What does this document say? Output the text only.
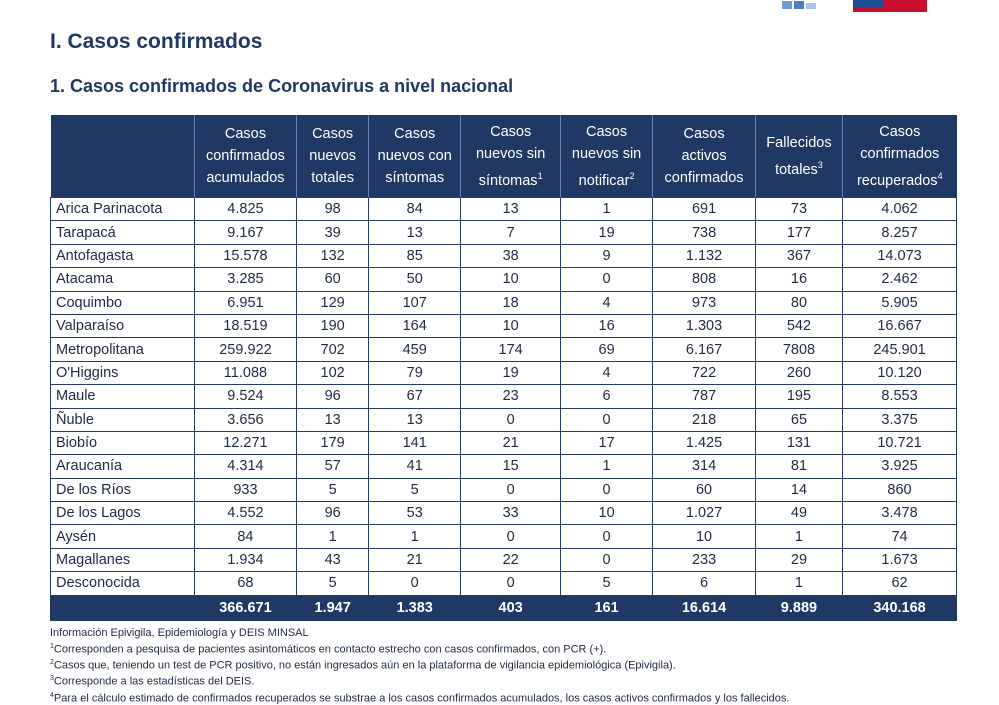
I. Casos confirmados
1. Casos confirmados de Coronavirus a nivel nacional
	Casos
confirmados
acumulados	Casos
nuevos
totales	Casos
nuevos con
síntomas	Casos
nuevos sin
síntomas$^1$	Casos
nuevos sin
notificar$^2$	Casos
activos
confirmados	Fallecidos
totales$^3$	Casos
confirmados
recuperados$^4$
Arica Parinacota	4.825	98	84	13	1	691	73	4.062
Tarapacá	9.167	39	13	7	19	738	177	8.257
Antofagasta	15.578	132	85	38	9	1.132	367	14.073
Atacama	3.285	60	50	10	0	808	16	2.462
Coquimbo	6.951	129	107	18	4	973	80	5.905
Valparaíso	18.519	190	164	10	16	1.303	542	16.667
Metropolitana	259.922	702	459	174	69	6.167	7808	245.901
O'Higgins	11.088	102	79	19	4	722	260	10.120
Maule	9.524	96	67	23	6	787	195	8.553
Ñuble	3.656	13	13	0	0	218	65	3.375
Biobío	12.271	179	141	21	17	1.425	131	10.721
Araucanía	4.314	57	41	15	1	314	81	3.925
De los Ríos	933	5	5	0	0	60	14	860
De los Lagos	4.552	96	53	33	10	1.027	49	3.478
Aysén	84	1	1	0	0	10	1	74
Magallanes	1.934	43	21	22	0	233	29	1.673
Desconocida	68	5	0	0	5	6	1	62
	366.671	1.947	1.383	403	161	16.614	9.889	340.168
Información Epivigila, Epidemiología y DEIS MINSAL
$^1$Corresponden a pesquisa de pacientes asintomáticos en contacto estrecho con casos confirmados, con PCR (+).
$^2$Casos que, teniendo un test de PCR positivo, no están ingresados aún en la plataforma de vigilancia epidemiológica (Epivigila).
$^3$Corresponde a las estadísticas del DEIS.
$^4$Para el cálculo estimado de confirmados recuperados se substrae a los casos confirmados acumulados, los casos activos confirmados y los fallecidos.
